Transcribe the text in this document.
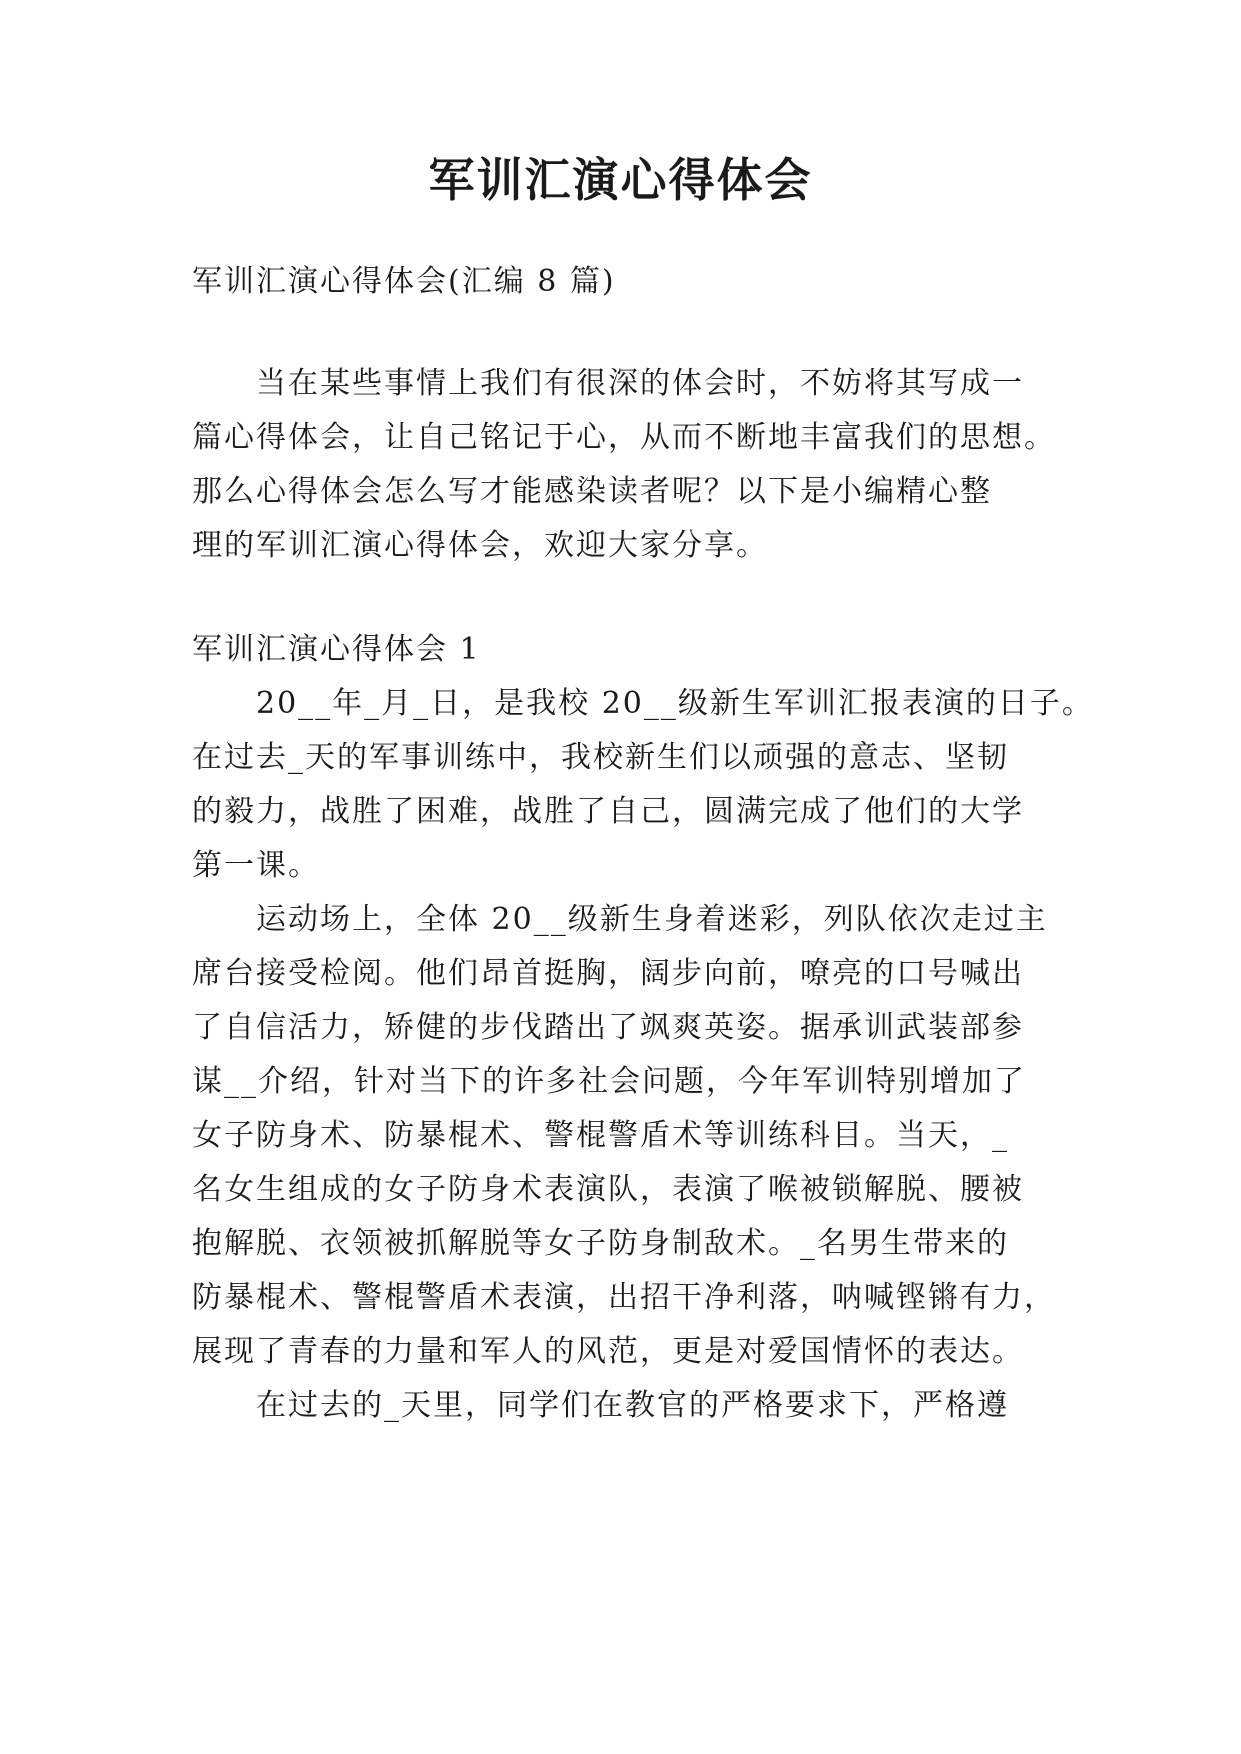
军训汇演心得体会
军训汇演心得体会(汇编 8 篇)
当在某些事情上我们有很深的体会时，不妨将其写成一
篇心得体会，让自己铭记于心，从而不断地丰富我们的思想。
那么心得体会怎么写才能感染读者呢？以下是小编精心整
理的军训汇演心得体会，欢迎大家分享。
军训汇演心得体会 1
20__年_月_日，是我校 20__级新生军训汇报表演的日子。
在过去_天的军事训练中，我校新生们以顽强的意志、坚韧
的毅力，战胜了困难，战胜了自己，圆满完成了他们的大学
第一课。
运动场上，全体 20__级新生身着迷彩，列队依次走过主
席台接受检阅。他们昂首挺胸，阔步向前，嘹亮的口号喊出
了自信活力，矫健的步伐踏出了飒爽英姿。据承训武装部参
谋__介绍，针对当下的许多社会问题，今年军训特别增加了
女子防身术、防暴棍术、警棍警盾术等训练科目。当天，_
名女生组成的女子防身术表演队，表演了喉被锁解脱、腰被
抱解脱、衣领被抓解脱等女子防身制敌术。_名男生带来的
防暴棍术、警棍警盾术表演，出招干净利落，呐喊铿锵有力，
展现了青春的力量和军人的风范，更是对爱国情怀的表达。
在过去的_天里，同学们在教官的严格要求下，严格遵
